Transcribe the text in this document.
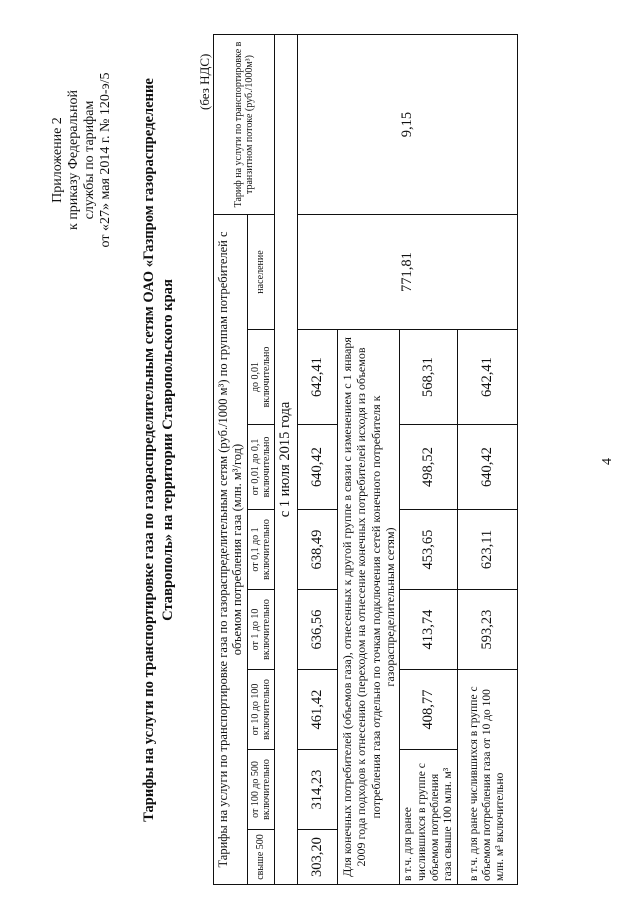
Приложение 2 к приказу Федеральной службы по тарифам от «27» мая 2014 г. № 120-э/5 Тарифы на услуги по транспортировке газа по газораспределительным сетям ОАО «Газпром газораспределение Ставрополь» на территории Ставропольского края
(без НДС)
Тарифы на услуги по транспортировке газа по газораспределительным сетям (руб./1000 м³) по группам потребителей с объемом потребления газа (млн. м³/год)								Тариф на услуги по транспортировке в транзитном потоке (руб./1000м³)
свыше 500	от 100 до 500 включительно	от 10 до 100 включительно	от 1 до 10 включительно	от 0,1 до 1 включительно	от 0,01 до 0,1 включительно	до 0,01 включительно	население	
с 1 июля 2015 года								
303,20	314,23	461,42	636,56	638,49	640,42	642,41	771,81	9,15
Для конечных потребителей (объемов газа), отнесенных к другой группе в связи с изменением с 1 января 2009 года подходов к отнесению (переходом на отнесение конечных потребителей исходя из объемов потребления газа отдельно по точкам подключения сетей конечного потребителя к газораспределительным сетям)								
в т.ч. для ранее числившихся в группе с объемом потребления газа свыше 100 млн. м³		408,77	413,74	453,65	498,52	568,31		
в т.ч. для ранее числившихся в группе с объемом потребления газа от 10 до 100 млн. м³ включительно			593,23	623,11	640,42	642,41		
4
